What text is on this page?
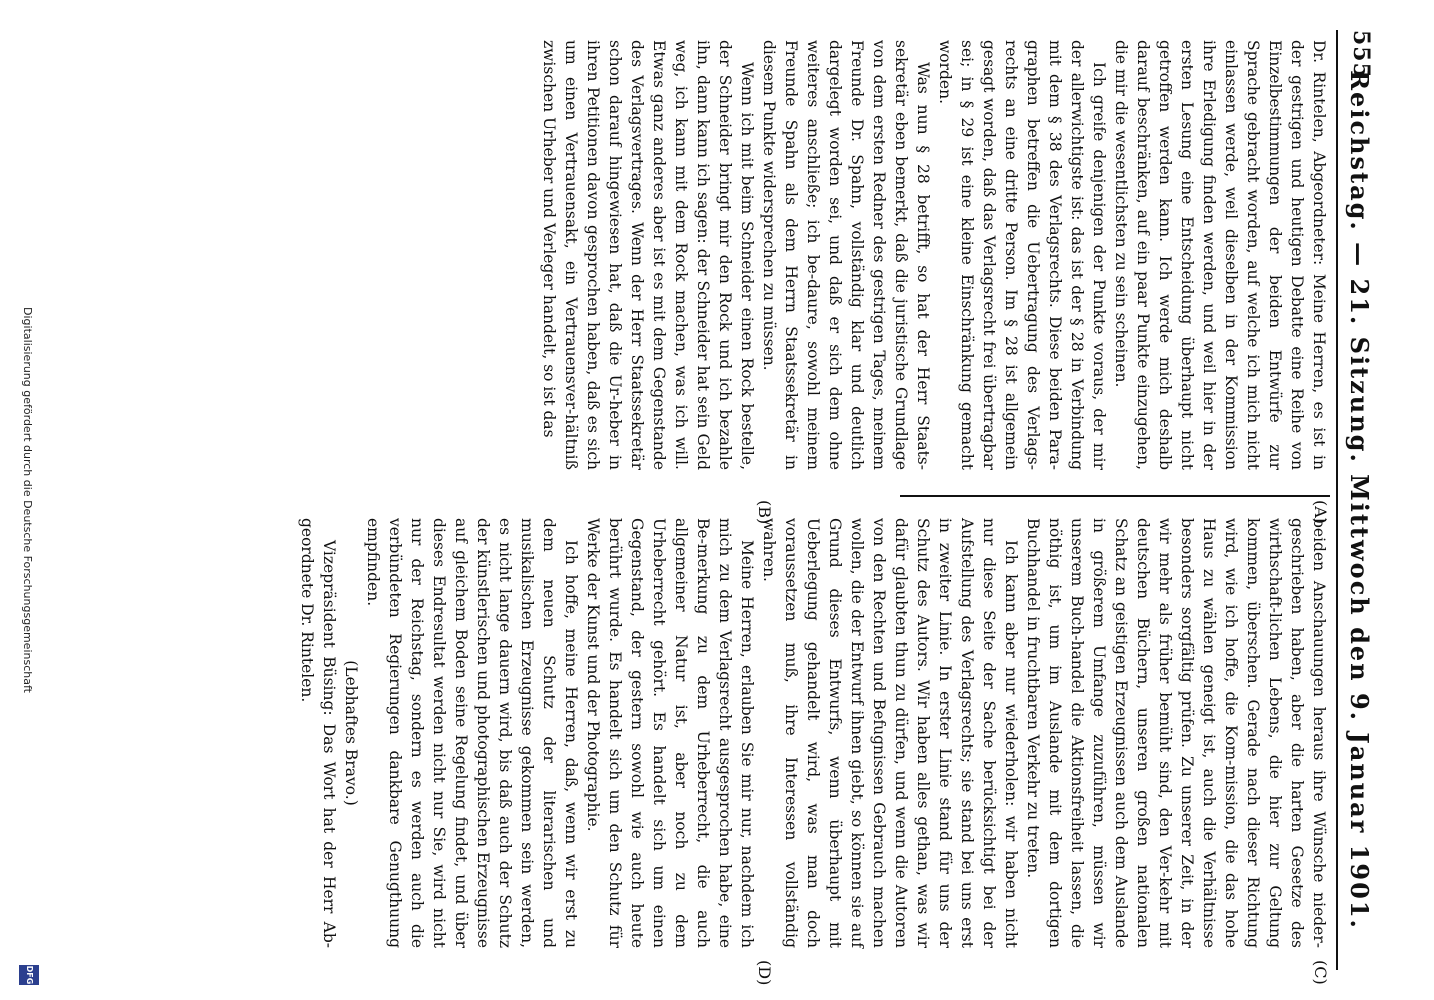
555
Reichstag. — 21. Sitzung. Mittwoch den 9. Januar 1901.
(C)
(D)
(A)
(B)

Dr. Rintelen, Abgeordneter: Meine Herren, es ist in der gestrigen und heutigen Debatte eine Reihe von Einzelbestimmungen der beiden Entwürfe zur Sprache gebracht worden, auf welche ich mich nicht einlassen werde, weil dieselben in der Kommission ihre Erledigung finden werden, und weil hier in der ersten Lesung eine Entscheidung überhaupt nicht getroffen werden kann. Ich werde mich deshalb darauf beschränken, auf ein paar Punkte einzugehen, die mir die wesentlichsten zu sein scheinen.

Ich greife denjenigen der Punkte voraus, der mir der allerwichtigste ist: das ist der § 28 in Verbindung mit dem § 38 des Verlagsrechts. Diese beiden Para-graphen betreffen die Uebertragung des Verlags-rechts an eine dritte Person. Im § 28 ist allgemein gesagt worden, daß das Verlagsrecht frei übertragbar sei; in § 29 ist eine kleine Einschränkung gemacht worden.

Was nun § 28 betrifft, so hat der Herr Staats-sekretär eben bemerkt, daß die juristische Grundlage von dem ersten Redner des gestrigen Tages, meinem Freunde Dr. Spahn, vollständig klar und deutlich dargelegt worden sei, und daß er sich dem ohne weiteres anschließe; ich be-daure, sowohl meinem Freunde Spahn als dem Herrn Staatssekretär in diesem Punkte widersprechen zu müssen.

Wenn ich mit beim Schneider einen Rock bestelle, der Schneider bringt mir den Rock und ich bezahle ihn, dann kann ich sagen: der Schneider hat sein Geld weg, ich kann mit dem Rock machen, was ich will. Etwas ganz anderes aber ist es mit dem Gegenstande des Verlagsvertrages. Wenn der Herr Staatssekretär schon darauf hingewiesen hat, daß die Ur-heber in ihren Petitionen davon gesprochen haben, daß es sich um einen Vertrauensakt, ein Vertrauensver-hältniß zwischen Urheber und Verleger handelt, so ist das

beiden Anschauungen heraus ihre Wünsche nieder-geschrieben haben, aber die harten Gesetze des wirthschaft-lichen Lebens, die hier zur Geltung kommen, überschen. Gerade nach dieser Richtung wird, wie ich hoffe, die Kom-mission, die das hohe Haus zu wählen geneigt ist, auch die Verhältnisse besonders sorgfältig prüfen. Zu unserer Zeit, in der wir mehr als früher bemüht sind, den Ver-kehr mit deutschen Büchern, unseren großen nationalen Schatz an geistigen Erzeugnissen auch dem Auslande in größerem Umfange zuzuführen, müssen wir unserem Buch-handel die Aktionsfreiheit lassen, die nöthig ist, um im Auslande mit dem dortigen Buchhandel in fruchtbaren Verkehr zu treten.

Ich kann aber nur wiederholen: wir haben nicht nur diese Seite der Sache berücksichtigt bei der Aufstellung des Verlagsrechts; sie stand bei uns erst in zweiter Linie. In erster Linie stand für uns der Schutz des Autors. Wir haben alles gethan, was wir dafür glaubten thun zu dürfen, und wenn die Autoren von den Rechten und Befugnissen Gebrauch machen wollen, die der Entwurf ihnen giebt, so können sie auf Grund dieses Entwurfs, wenn überhaupt mit Ueberlegung gehandelt wird, was man doch voraussetzen muß, ihre Interessen vollständig wahren.

Meine Herren, erlauben Sie mir nur, nachdem ich mich zu dem Verlagsrecht ausgesprochen habe, eine Be-merkung zu dem Urheberrecht, die auch allgemeiner Natur ist, aber noch zu dem Urheberrecht gehört. Es handelt sich um einen Gegenstand, der gestern sowohl wie auch heute berührt wurde. Es handelt sich um den Schutz für Werke der Kunst und der Photographie.

Ich hoffe, meine Herren, daß, wenn wir erst zu dem neuen Schutz der literarischen und musikalischen Erzeugnisse gekommen sein werden, es nicht lange dauern wird, bis daß auch der Schutz der künstlerischen und photographischen Erzeugnisse auf gleichem Boden seine Regelung findet, und über dieses Endresultat werden nicht nur Sie, wird nicht nur der Reichstag, sondern es werden auch die verbündeten Regierungen dankbare Genugthuung empfinden.

(Lebhaftes Bravo.)

Vizepräsident Büsing: Das Wort hat der Herr Ab-geordnete Dr. Rintelen.

Digitalisierung gefördert durch die Deutsche Forschungsgemeinschaft
DFG
